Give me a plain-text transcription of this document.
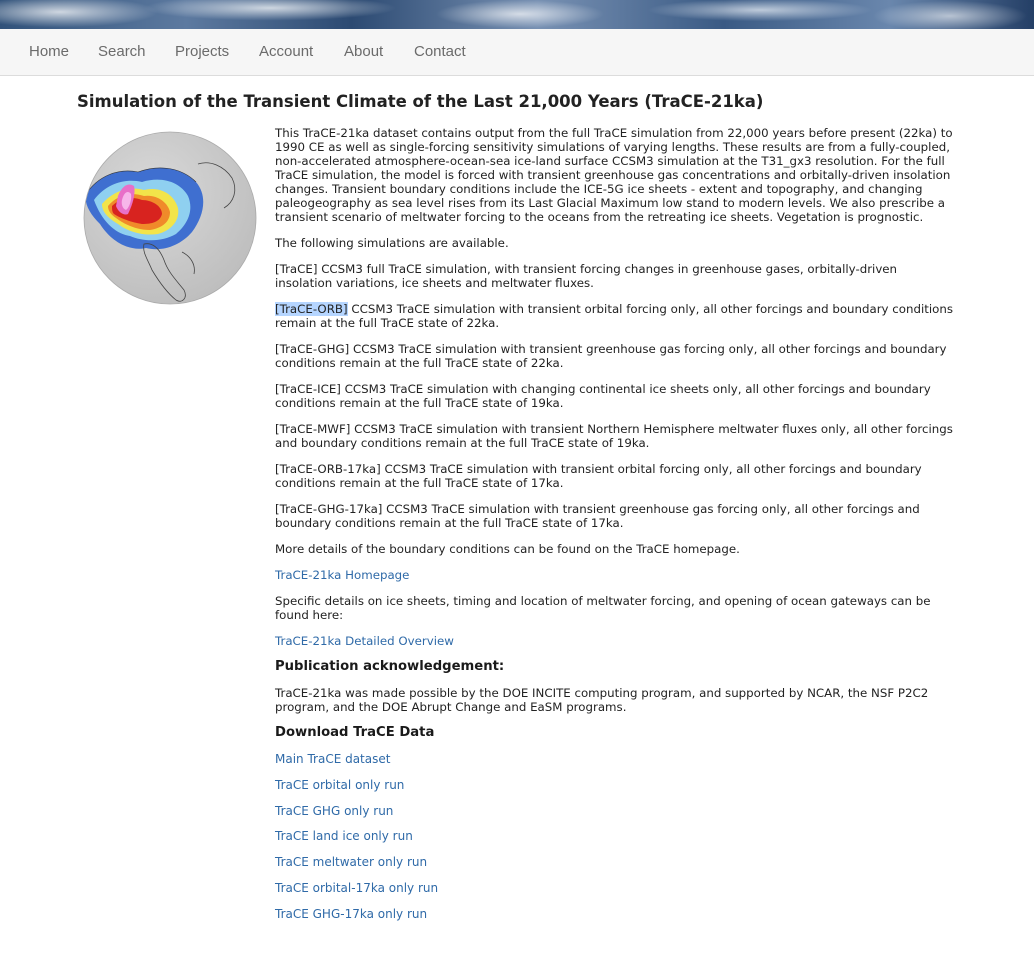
Home Search Projects Account About Contact
Simulation of the Transient Climate of the Last 21,000 Years (TraCE-21ka)

This TraCE-21ka dataset contains output from the full TraCE simulation from 22,000 years before present (22ka) to 1990 CE as well as single-forcing sensitivity simulations of varying lengths. These results are from a fully-coupled, non-accelerated atmosphere-ocean-sea ice-land surface CCSM3 simulation at the T31_gx3 resolution. For the full TraCE simulation, the model is forced with transient greenhouse gas concentrations and orbitally-driven insolation changes. Transient boundary conditions include the ICE-5G ice sheets - extent and topography, and changing paleogeography as sea level rises from its Last Glacial Maximum low stand to modern levels. We also prescribe a transient scenario of meltwater forcing to the oceans from the retreating ice sheets. Vegetation is prognostic.

The following simulations are available.

[TraCE] CCSM3 full TraCE simulation, with transient forcing changes in greenhouse gases, orbitally-driven insolation variations, ice sheets and meltwater fluxes.

[TraCE-ORB] CCSM3 TraCE simulation with transient orbital forcing only, all other forcings and boundary conditions remain at the full TraCE state of 22ka.

[TraCE-GHG] CCSM3 TraCE simulation with transient greenhouse gas forcing only, all other forcings and boundary conditions remain at the full TraCE state of 22ka.

[TraCE-ICE] CCSM3 TraCE simulation with changing continental ice sheets only, all other forcings and boundary conditions remain at the full TraCE state of 19ka.

[TraCE-MWF] CCSM3 TraCE simulation with transient Northern Hemisphere meltwater fluxes only, all other forcings and boundary conditions remain at the full TraCE state of 19ka.

[TraCE-ORB-17ka] CCSM3 TraCE simulation with transient orbital forcing only, all other forcings and boundary conditions remain at the full TraCE state of 17ka.

[TraCE-GHG-17ka] CCSM3 TraCE simulation with transient greenhouse gas forcing only, all other forcings and boundary conditions remain at the full TraCE state of 17ka.

More details of the boundary conditions can be found on the TraCE homepage.

TraCE-21ka Homepage

Specific details on ice sheets, timing and location of meltwater forcing, and opening of ocean gateways can be found here:

TraCE-21ka Detailed Overview

Publication acknowledgement:

TraCE-21ka was made possible by the DOE INCITE computing program, and supported by NCAR, the NSF P2C2 program, and the DOE Abrupt Change and EaSM programs.

Download TraCE Data
Main TraCE dataset
TraCE orbital only run
TraCE GHG only run
TraCE land ice only run
TraCE meltwater only run
TraCE orbital-17ka only run
TraCE GHG-17ka only run
